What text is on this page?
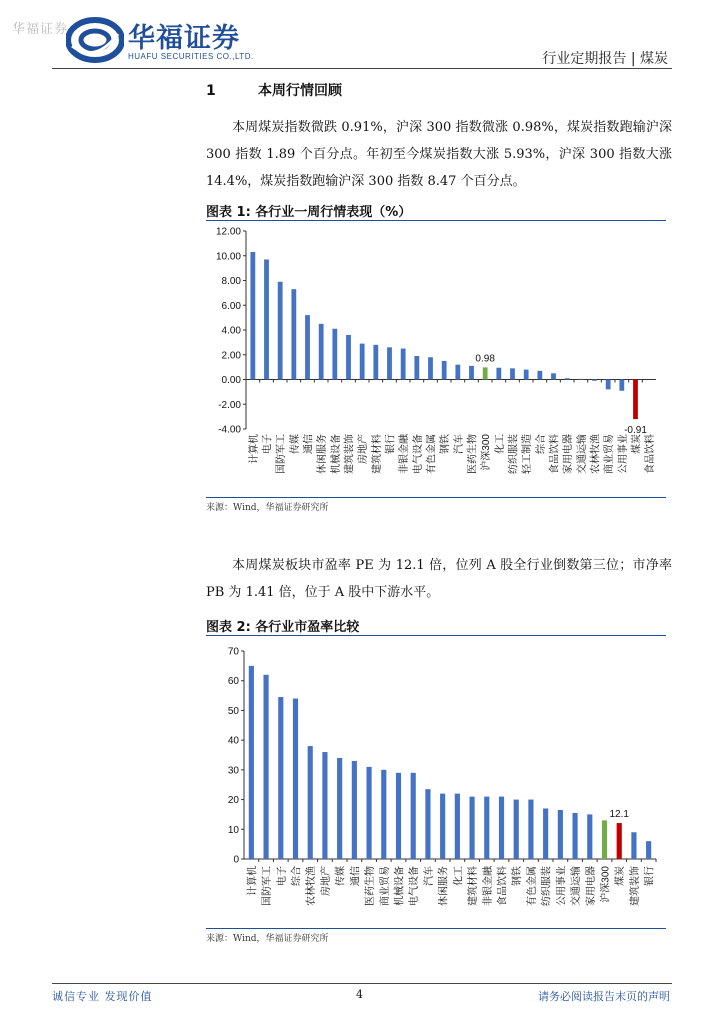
华福证券 华福证券
HUAFU SECURITIES CO.,LTD.	行业定期报告 | 煤炭
1	本周行情回顾
本周煤炭指数微跌 0.91%，沪深 300 指数微涨 0.98%，煤炭指数跑输沪深 300 指数 1.89 个百分点。年初至今煤炭指数大涨 5.93%，沪深 300 指数大涨 14.4%，煤炭指数跑输沪深 300 指数 8.47 个百分点。
图表 1: 各行业一周行情表现（%）
12.00
10.00
8.00
6.00
4.00
2.00
0.00
-2.00
-4.00
计算机 电子 国防军工 传媒 通信 休闲服务 机械设备 建筑装饰 房地产 建筑材料 银行 非银金融 电气设备 有色金属 钢铁 汽车 医药生物
0.98
沪深300 化工 纺织服装 轻工制造 综合 食品饮料 家用电器 交通运输 农林牧渔 商业贸易 公用事业
-0.91
煤炭 食品饮料
来源：Wind，华福证券研究所
本周煤炭板块市盈率 PE 为 12.1 倍，位列 A 股全行业倒数第三位；市净率 PB 为 1.41 倍，位于 A 股中下游水平。
图表 2: 各行业市盈率比较
70
60
50
40
30
20
10
0
计算机 国防军工 电子 综合 农林牧渔 房地产 传媒 通信 医药生物 商业贸易 机械设备 电气设备 汽车 休闲服务 化工 建筑材料 非银金融 食品饮料 钢铁 有色金属 纺织服装 公用事业 交通运输 家用电器 沪深300
12.1
煤炭 建筑装饰 银行
来源：Wind，华福证券研究所
诚信专业 发现价值	4	请务必阅读报告末页的声明
